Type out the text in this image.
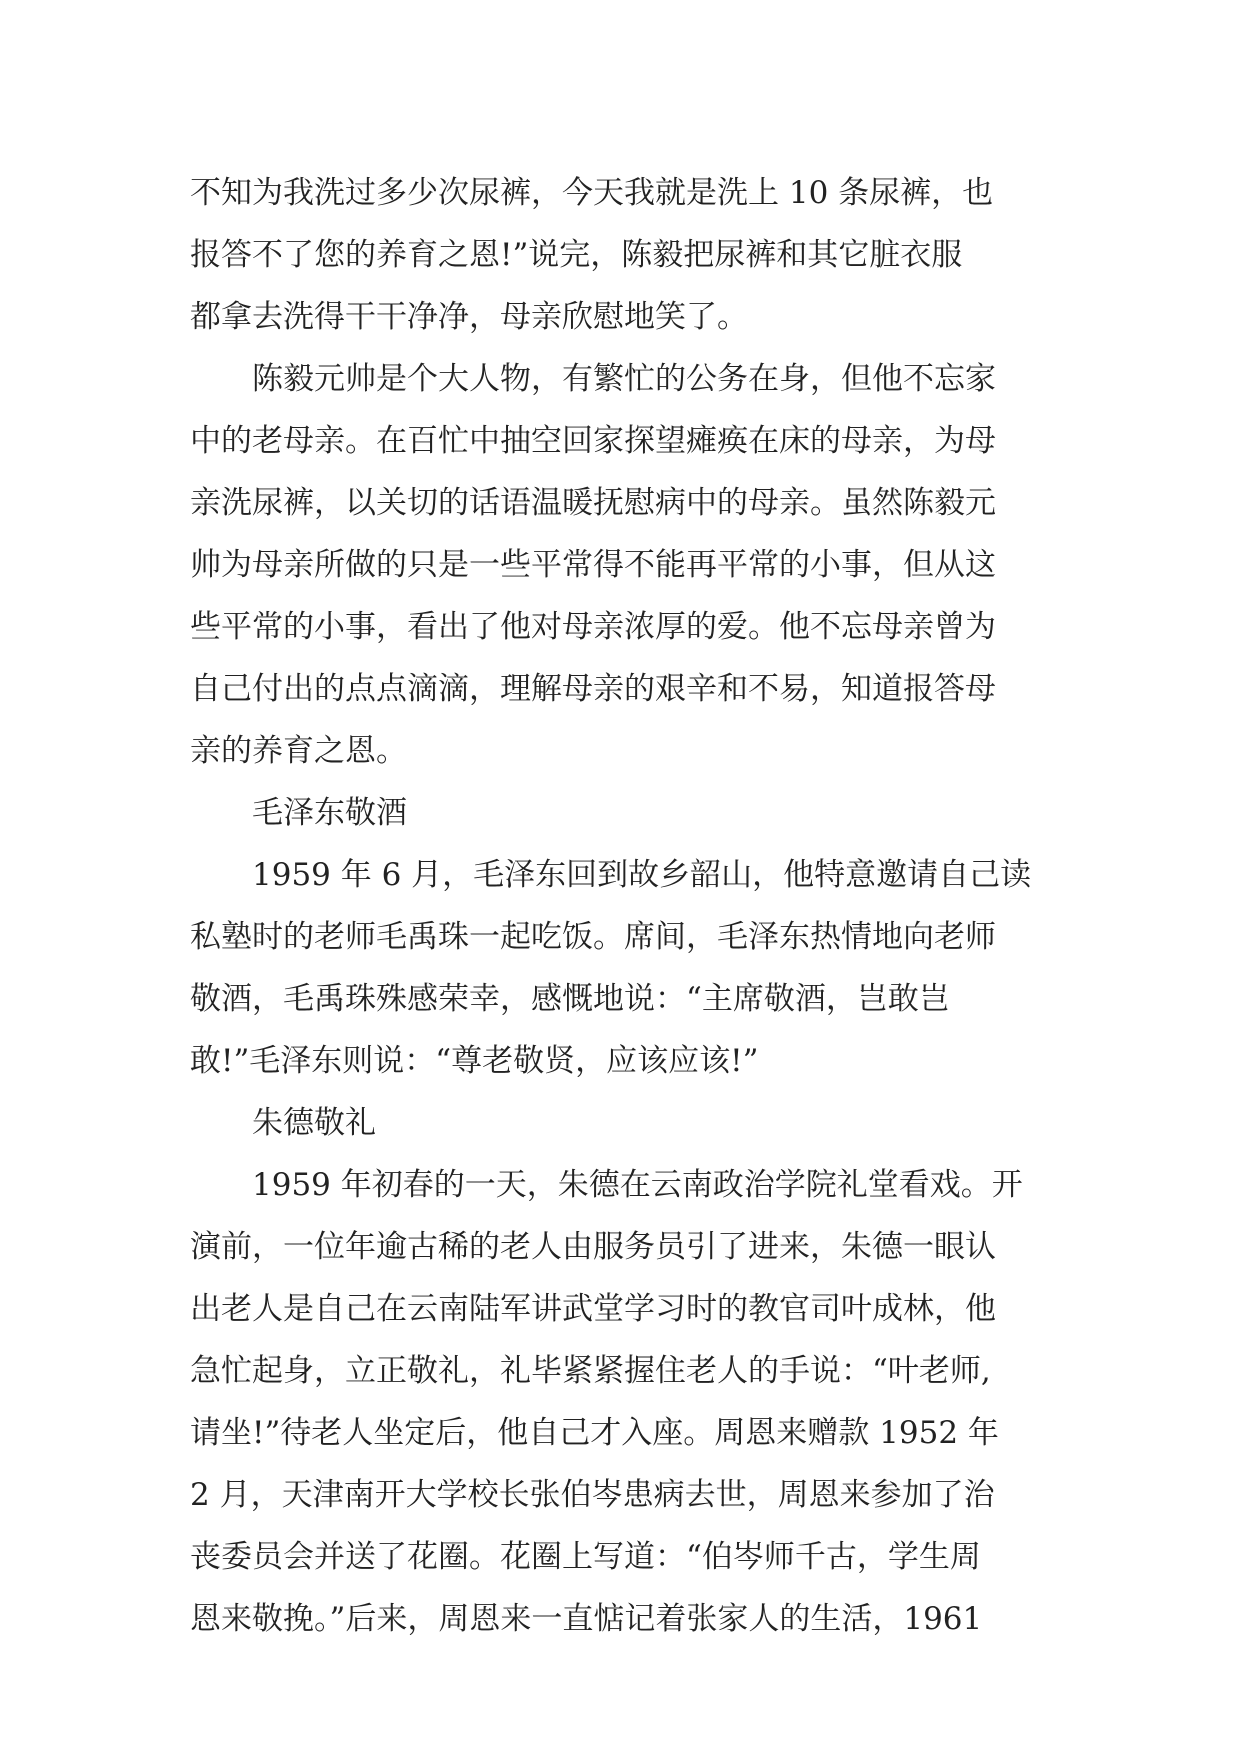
不知为我洗过多少次尿裤，今天我就是洗上 10 条尿裤，也
报答不了您的养育之恩!”说完，陈毅把尿裤和其它脏衣服
都拿去洗得干干净净，母亲欣慰地笑了。
陈毅元帅是个大人物，有繁忙的公务在身，但他不忘家
中的老母亲。在百忙中抽空回家探望瘫痪在床的母亲，为母
亲洗尿裤，以关切的话语温暖抚慰病中的母亲。虽然陈毅元
帅为母亲所做的只是一些平常得不能再平常的小事，但从这
些平常的小事，看出了他对母亲浓厚的爱。他不忘母亲曾为
自己付出的点点滴滴，理解母亲的艰辛和不易，知道报答母
亲的养育之恩。
毛泽东敬酒
1959 年 6 月，毛泽东回到故乡韶山，他特意邀请自己读
私塾时的老师毛禹珠一起吃饭。席间，毛泽东热情地向老师
敬酒，毛禹珠殊感荣幸，感慨地说：“主席敬酒，岂敢岂
敢!”毛泽东则说：“尊老敬贤，应该应该!”
朱德敬礼
1959 年初春的一天，朱德在云南政治学院礼堂看戏。开
演前，一位年逾古稀的老人由服务员引了进来，朱德一眼认
出老人是自己在云南陆军讲武堂学习时的教官司叶成林，他
急忙起身，立正敬礼，礼毕紧紧握住老人的手说：“叶老师,
请坐!”待老人坐定后，他自己才入座。周恩来赠款 1952 年
2 月，天津南开大学校长张伯岑患病去世，周恩来参加了治
丧委员会并送了花圈。花圈上写道：“伯岑师千古，学生周
恩来敬挽。”后来，周恩来一直惦记着张家人的生活，1961
